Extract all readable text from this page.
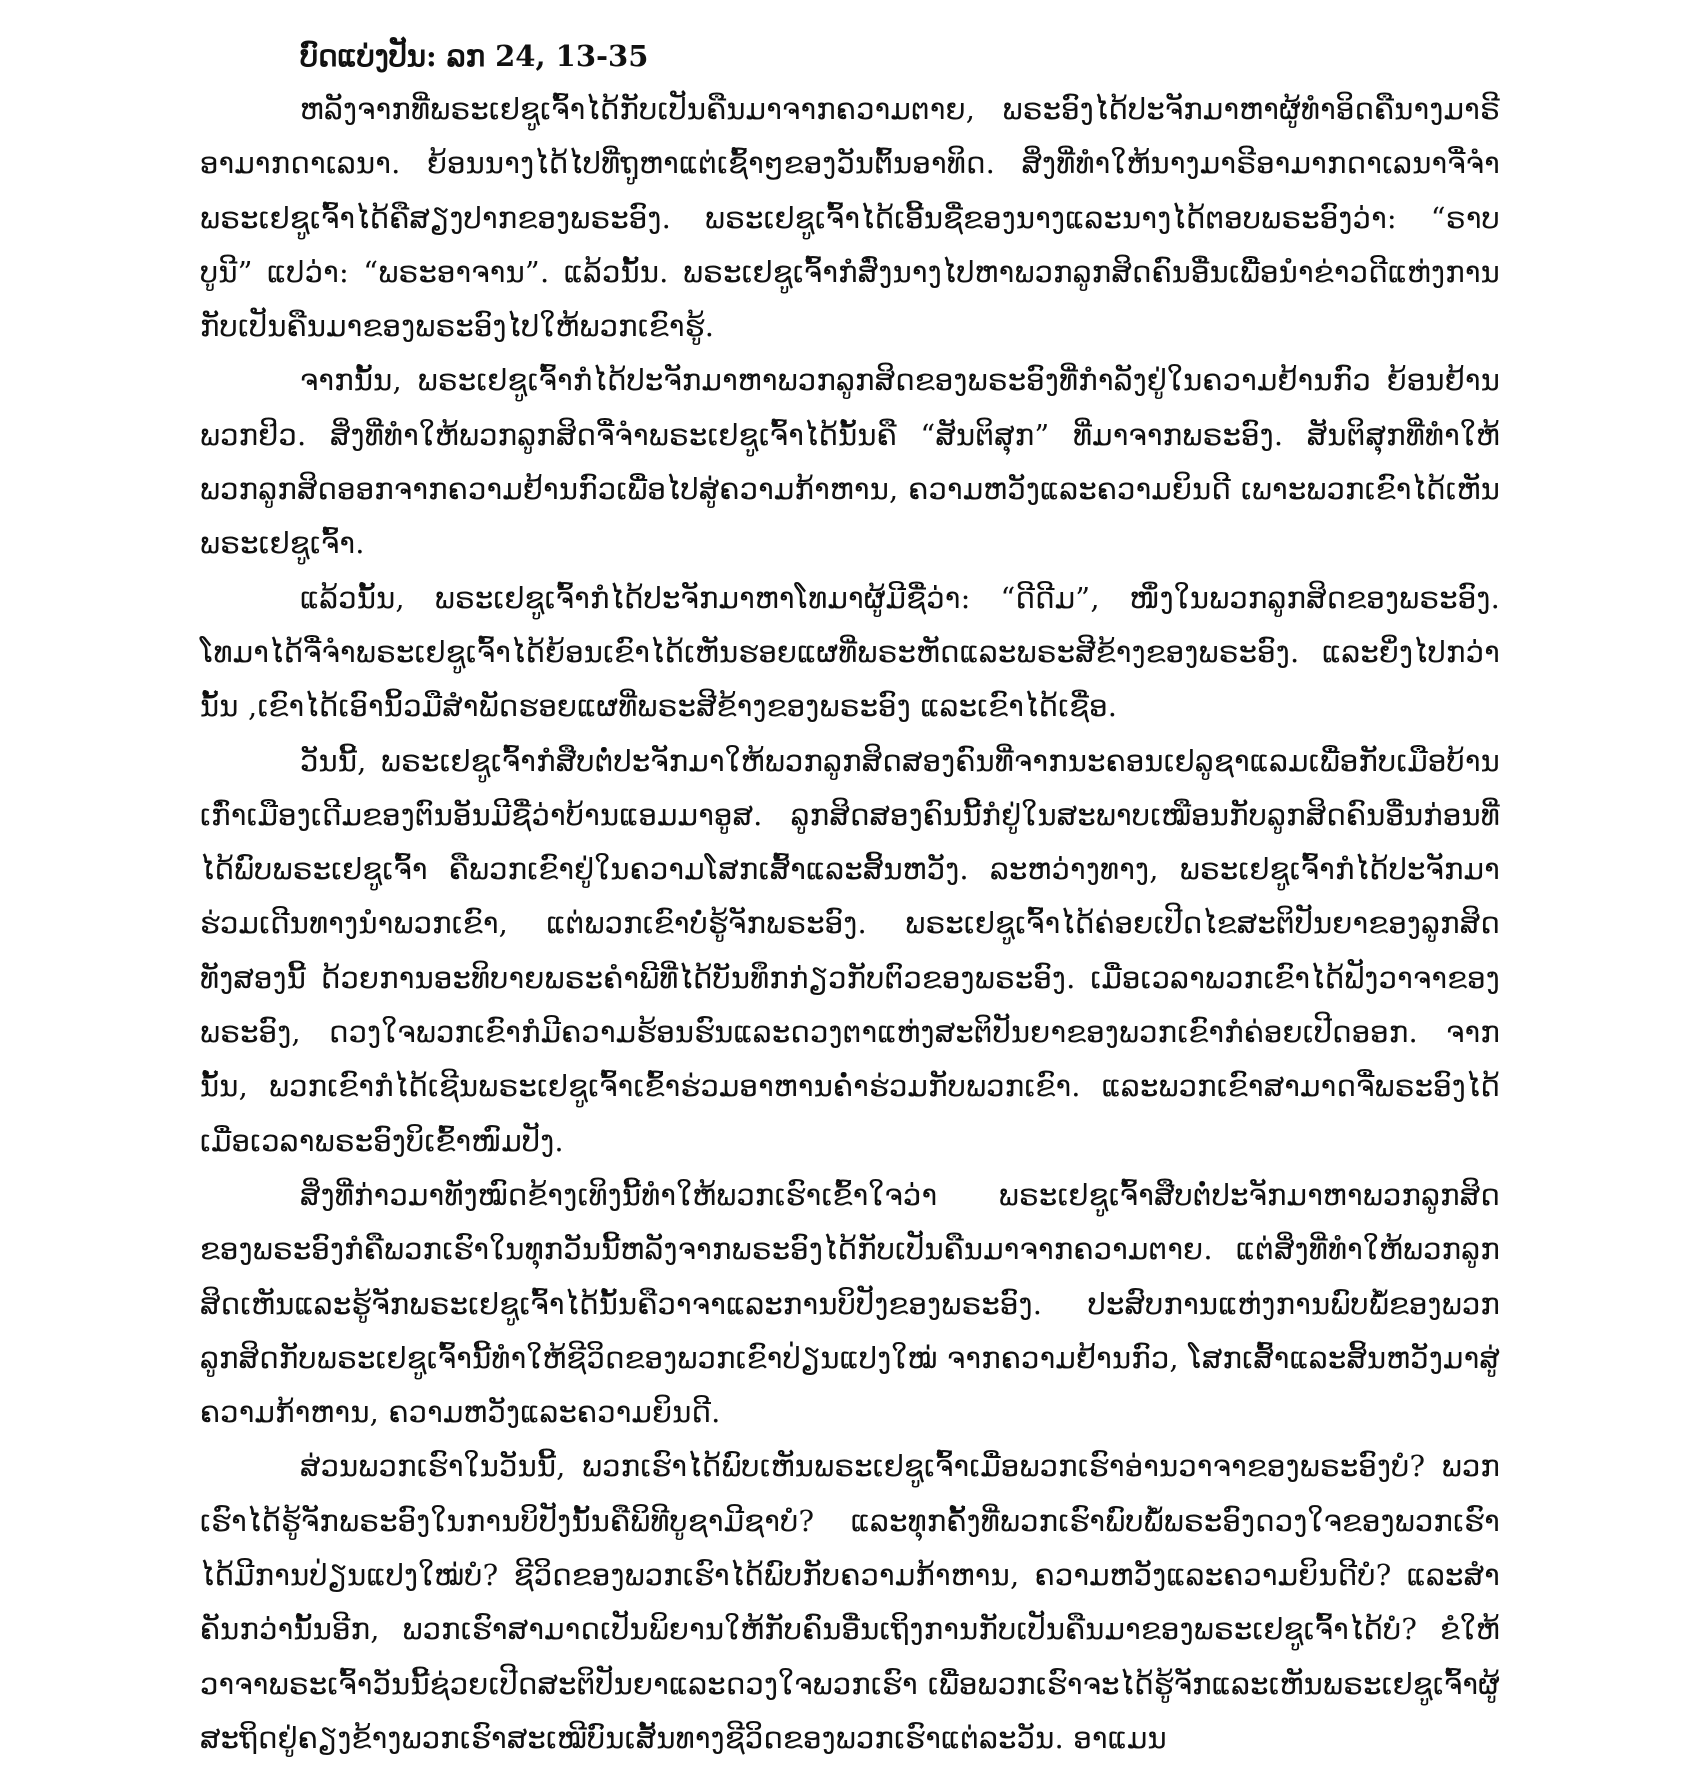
ບົດແບ່ງປັນ: ລກ 24, 13-35

ຫລັງຈາກທີ່ພຣະເຢຊູເຈົ້າໄດ້ກັບເປັນຄືນມາຈາກຄວາມຕາຍ, ພຣະອົງໄດ້ປະຈັກມາຫາຜູ້ທໍາອິດຄືນາງມາຣີອາມາກດາເລນາ. ຍ້ອນນາງໄດ້ໄປທີ່ຖູຫາແຕ່ເຊົ້າໆຂອງວັນຕົ້ນອາທິດ. ສິ່ງທີ່ທໍາໃຫ້ນາງມາຣີອາມາກດາເລນາຈື່ຈໍາພຣະເຢຊູເຈົ້າໄດ້ຄືສຽງປາກຂອງພຣະອົງ. ພຣະເຢຊູເຈົ້າໄດ້ເອີ້ນຊື່ຂອງນາງແລະນາງໄດ້ຕອບພຣະອົງວ່າ: “ຣາບບູນີ” ແປວ່າ: “ພຣະອາຈານ”. ແລ້ວນັ້ນ. ພຣະເຢຊູເຈົ້າກໍສົ່ງນາງໄປຫາພວກລູກສິດຄົນອື່ນເພື່ອນໍາຂ່າວດີແຫ່ງການກັບເປັນຄືນມາຂອງພຣະອົງໄປໃຫ້ພວກເຂົາຮູ້.

ຈາກນັ້ນ, ພຣະເຢຊູເຈົ້າກໍໄດ້ປະຈັກມາຫາພວກລູກສິດຂອງພຣະອົງທີ່ກໍາລັງຢູ່ໃນຄວາມຢ້ານກົວ ຍ້ອນຢ້ານພວກຢິວ. ສິ່ງທີ່ທໍາໃຫ້ພວກລູກສິດຈື່ຈໍາພຣະເຢຊູເຈົ້າໄດ້ນັ້ນຄື “ສັນຕິສຸກ” ທີ່ມາຈາກພຣະອົງ. ສັນຕິສຸກທີ່ທໍາໃຫ້ພວກລູກສິດອອກຈາກຄວາມຢ້ານກົວເພື່ອໄປສູ່ຄວາມກ້າຫານ, ຄວາມຫວັງແລະຄວາມຍິນດີ ເພາະພວກເຂົາໄດ້ເຫັນພຣະເຢຊູເຈົ້າ.

ແລ້ວນັ້ນ, ພຣະເຢຊູເຈົ້າກໍໄດ້ປະຈັກມາຫາໂທມາຜູ້ມີຊື່ວ່າ: “ດີດີມ”, ໜຶ່ງໃນພວກລູກສິດຂອງພຣະອົງ. ໂທມາໄດ້ຈື່ຈໍາພຣະເຢຊູເຈົ້າໄດ້ຍ້ອນເຂົາໄດ້ເຫັນຮອຍແຜທີ່ພຣະຫັດແລະພຣະສີຂ້າງຂອງພຣະອົງ. ແລະຍິ່ງໄປກວ່ານັ້ນ ,ເຂົາໄດ້ເອົານິ້ວມືສໍາພັດຮອຍແຜທີ່ພຣະສີຂ້າງຂອງພຣະອົງ ແລະເຂົາໄດ້ເຊື່ອ.

ວັນນີ້, ພຣະເຢຊູເຈົ້າກໍສືບຕໍ່ປະຈັກມາໃຫ້ພວກລູກສິດສອງຄົນທີ່ຈາກນະຄອນເຢລູຊາແລມເພື່ອກັບເມືອບ້ານເກົ່າເມືອງເດີມຂອງຕົນອັນມີຊື່ວ່າບ້ານແອມມາອູສ. ລູກສິດສອງຄົນນີ້ກໍຢູ່ໃນສະພາບເໝືອນກັບລູກສິດຄົນອື່ນກ່ອນທີ່ໄດ້ພົບພຣະເຢຊູເຈົ້າ ຄືພວກເຂົາຢູ່ໃນຄວາມໂສກເສົ້າແລະສິ້ນຫວັງ. ລະຫວ່າງທາງ, ພຣະເຢຊູເຈົ້າກໍໄດ້ປະຈັກມາຮ່ວມເດີນທາງນໍາພວກເຂົາ, ແຕ່ພວກເຂົາບໍ່ຮູ້ຈັກພຣະອົງ. ພຣະເຢຊູເຈົ້າໄດ້ຄ່ອຍເປີດໄຂສະຕິປັນຍາຂອງລູກສິດທັງສອງນີ້ ດ້ວຍການອະທິບາຍພຣະຄໍາພີທີ່ໄດ້ບັນທຶກກ່ຽວກັບຕົວຂອງພຣະອົງ. ເມື່ອເວລາພວກເຂົາໄດ້ຟັງວາຈາຂອງພຣະອົງ, ດວງໃຈພວກເຂົາກໍມີຄວາມຮ້ອນຮົນແລະດວງຕາແຫ່ງສະຕິປັນຍາຂອງພວກເຂົາກໍຄ່ອຍເປີດອອກ. ຈາກນັ້ນ, ພວກເຂົາກໍໄດ້ເຊີນພຣະເຢຊູເຈົ້າເຂົ້າຮ່ວມອາຫານຄໍ່າຮ່ວມກັບພວກເຂົາ. ແລະພວກເຂົາສາມາດຈື່ພຣະອົງໄດ້ເມື່ອເວລາພຣະອົງບິເຂົ້າໜົມປັງ.

ສິ່ງທີ່ກ່າວມາທັງໝົດຂ້າງເທິງນີ້ທໍາໃຫ້ພວກເຮົາເຂົ້າໃຈວ່າ ພຣະເຢຊູເຈົ້າສືບຕໍ່ປະຈັກມາຫາພວກລູກສິດຂອງພຣະອົງກໍຄືພວກເຮົາໃນທຸກວັນນີ້ຫລັງຈາກພຣະອົງໄດ້ກັບເປັນຄືນມາຈາກຄວາມຕາຍ. ແຕ່ສິ່ງທີ່ທໍາໃຫ້ພວກລູກສິດເຫັນແລະຮູ້ຈັກພຣະເຢຊູເຈົ້າໄດ້ນັ້ນຄືວາຈາແລະການບິປັງຂອງພຣະອົງ. ປະສົບການແຫ່ງການພົບພໍ້ຂອງພວກລູກສິດກັບພຣະເຢຊູເຈົ້ານີ້ທໍາໃຫ້ຊີວິດຂອງພວກເຂົາປ່ຽນແປງໃໝ່ ຈາກຄວາມຢ້ານກົວ, ໂສກເສົ້າແລະສິ້ນຫວັງມາສູ່ຄວາມກ້າຫານ, ຄວາມຫວັງແລະຄວາມຍິນດີ.

ສ່ວນພວກເຮົາໃນວັນນີ້, ພວກເຮົາໄດ້ພົບເຫັນພຣະເຢຊູເຈົ້າເມື່ອພວກເຮົາອ່ານວາຈາຂອງພຣະອົງບໍ? ພວກເຮົາໄດ້ຮູ້ຈັກພຣະອົງໃນການບິປັງນັ້ນຄືພິທີບູຊາມີຊາບໍ? ແລະທຸກຄັ້ງທີ່ພວກເຮົາພົບພໍ້ພຣະອົງດວງໃຈຂອງພວກເຮົາໄດ້ມີການປ່ຽນແປງໃໝ່ບໍ? ຊີວິດຂອງພວກເຮົາໄດ້ພົບກັບຄວາມກ້າຫານ, ຄວາມຫວັງແລະຄວາມຍິນດີບໍ? ແລະສໍາຄັນກວ່ານັ້ນອີກ, ພວກເຮົາສາມາດເປັນພິຍານໃຫ້ກັບຄົນອື່ນເຖິງການກັບເປັນຄືນມາຂອງພຣະເຢຊູເຈົ້າໄດ້ບໍ? ຂໍໃຫ້ວາຈາພຣະເຈົ້າວັນນີ້ຊ່ວຍເປີດສະຕິປັນຍາແລະດວງໃຈພວກເຮົາ ເພື່ອພວກເຮົາຈະໄດ້ຮູ້ຈັກແລະເຫັນພຣະເຢຊູເຈົ້າຜູ້ສະຖິດຢູ່ຄຽງຂ້າງພວກເຮົາສະເໝີບົນເສັ້ນທາງຊີວິດຂອງພວກເຮົາແຕ່ລະວັນ. ອາແມນ
